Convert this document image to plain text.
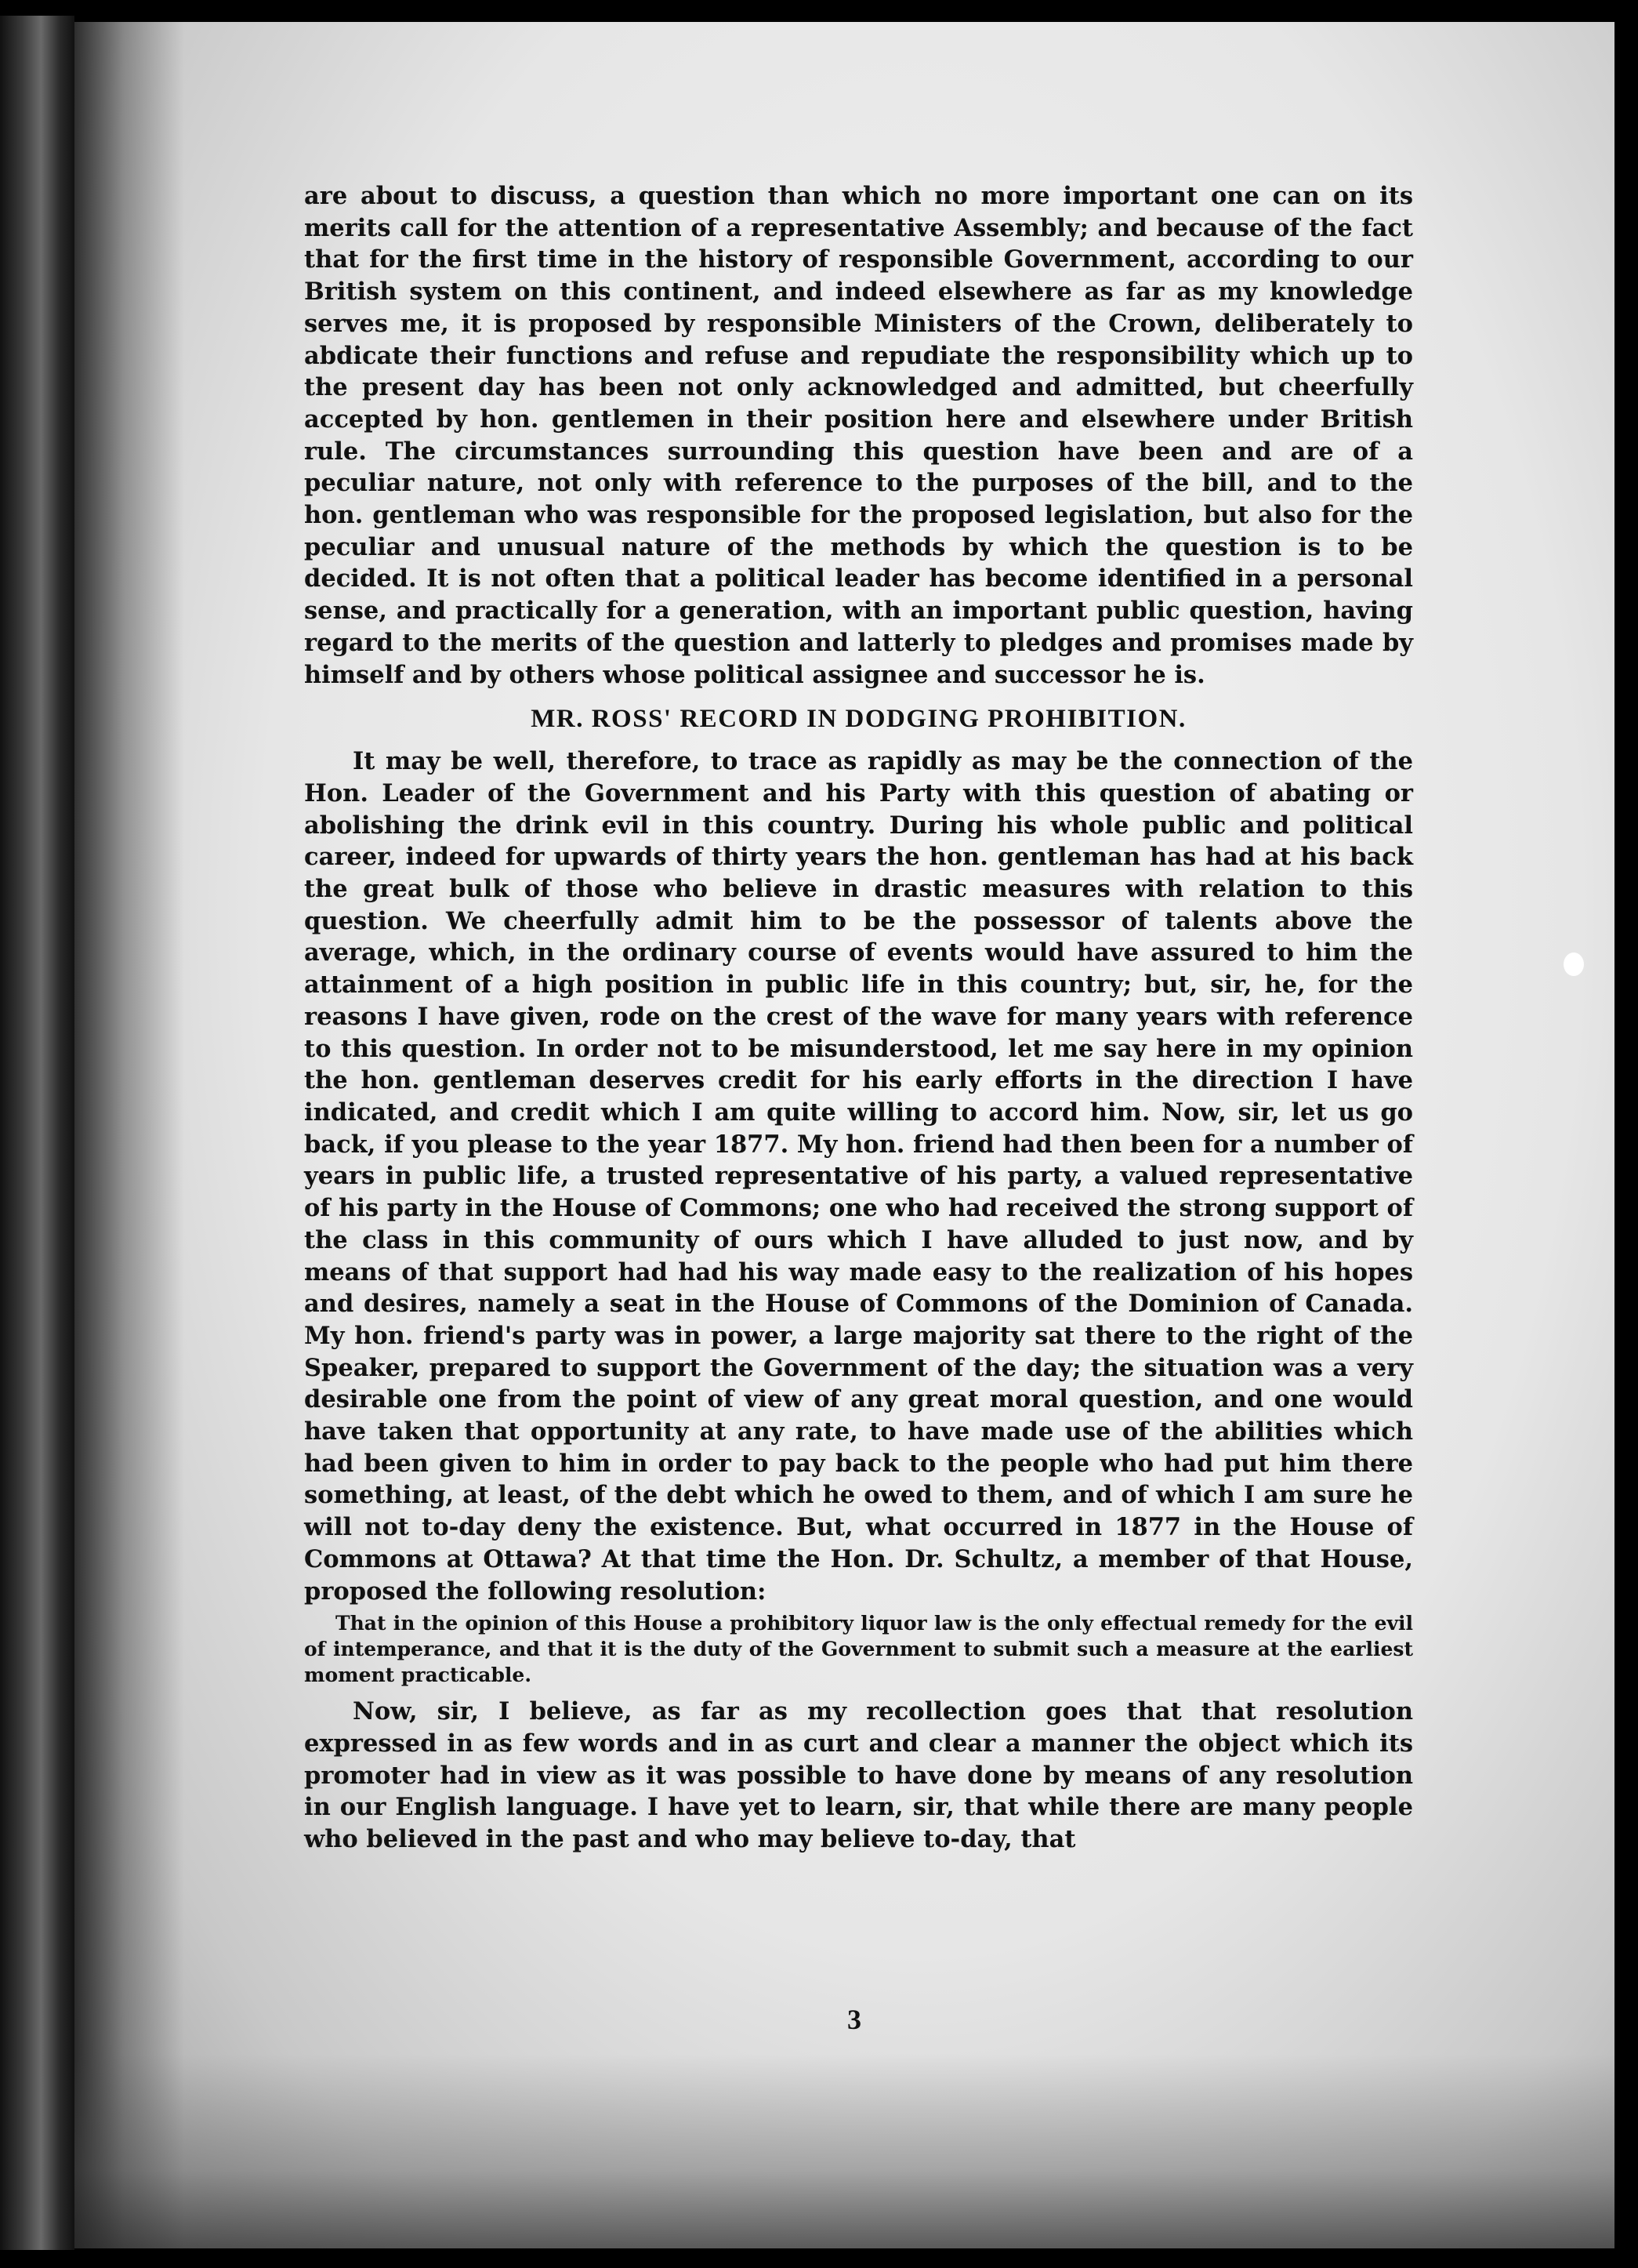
are about to discuss, a question than which no more important one can on its merits call for the attention of a representative Assembly; and because of the fact that for the first time in the history of responsible Government, according to our British system on this continent, and indeed elsewhere as far as my knowledge serves me, it is proposed by responsible Ministers of the Crown, deliberately to abdicate their functions and refuse and repudiate the responsibility which up to the present day has been not only acknowledged and admitted, but cheerfully accepted by hon. gentlemen in their position here and elsewhere under British rule. The circumstances surrounding this question have been and are of a peculiar nature, not only with reference to the purposes of the bill, and to the hon. gentleman who was responsible for the proposed legislation, but also for the peculiar and unusual nature of the methods by which the question is to be decided. It is not often that a political leader has become identified in a personal sense, and practically for a generation, with an important public question, having regard to the merits of the question and latterly to pledges and promises made by himself and by others whose political assignee and successor he is.

MR. ROSS' RECORD IN DODGING PROHIBITION.

It may be well, therefore, to trace as rapidly as may be the connection of the Hon. Leader of the Government and his Party with this question of abating or abolishing the drink evil in this country. During his whole public and political career, indeed for upwards of thirty years the hon. gentleman has had at his back the great bulk of those who believe in drastic measures with relation to this question. We cheerfully admit him to be the possessor of talents above the average, which, in the ordinary course of events would have assured to him the attainment of a high position in public life in this country; but, sir, he, for the reasons I have given, rode on the crest of the wave for many years with reference to this question. In order not to be misunderstood, let me say here in my opinion the hon. gentleman deserves credit for his early efforts in the direction I have indicated, and credit which I am quite willing to accord him. Now, sir, let us go back, if you please to the year 1877. My hon. friend had then been for a number of years in public life, a trusted representative of his party, a valued representative of his party in the House of Commons; one who had received the strong support of the class in this community of ours which I have alluded to just now, and by means of that support had had his way made easy to the realization of his hopes and desires, namely a seat in the House of Commons of the Dominion of Canada. My hon. friend's party was in power, a large majority sat there to the right of the Speaker, prepared to support the Government of the day; the situation was a very desirable one from the point of view of any great moral question, and one would have taken that opportunity at any rate, to have made use of the abilities which had been given to him in order to pay back to the people who had put him there something, at least, of the debt which he owed to them, and of which I am sure he will not to-day deny the existence. But, what occurred in 1877 in the House of Commons at Ottawa? At that time the Hon. Dr. Schultz, a member of that House, proposed the following resolution:

That in the opinion of this House a prohibitory liquor law is the only effectual remedy for the evil of intemperance, and that it is the duty of the Government to submit such a measure at the earliest moment practicable.

Now, sir, I believe, as far as my recollection goes that that resolution expressed in as few words and in as curt and clear a manner the object which its promoter had in view as it was possible to have done by means of any resolution in our English language. I have yet to learn, sir, that while there are many people who believed in the past and who may believe to-day, that

3
